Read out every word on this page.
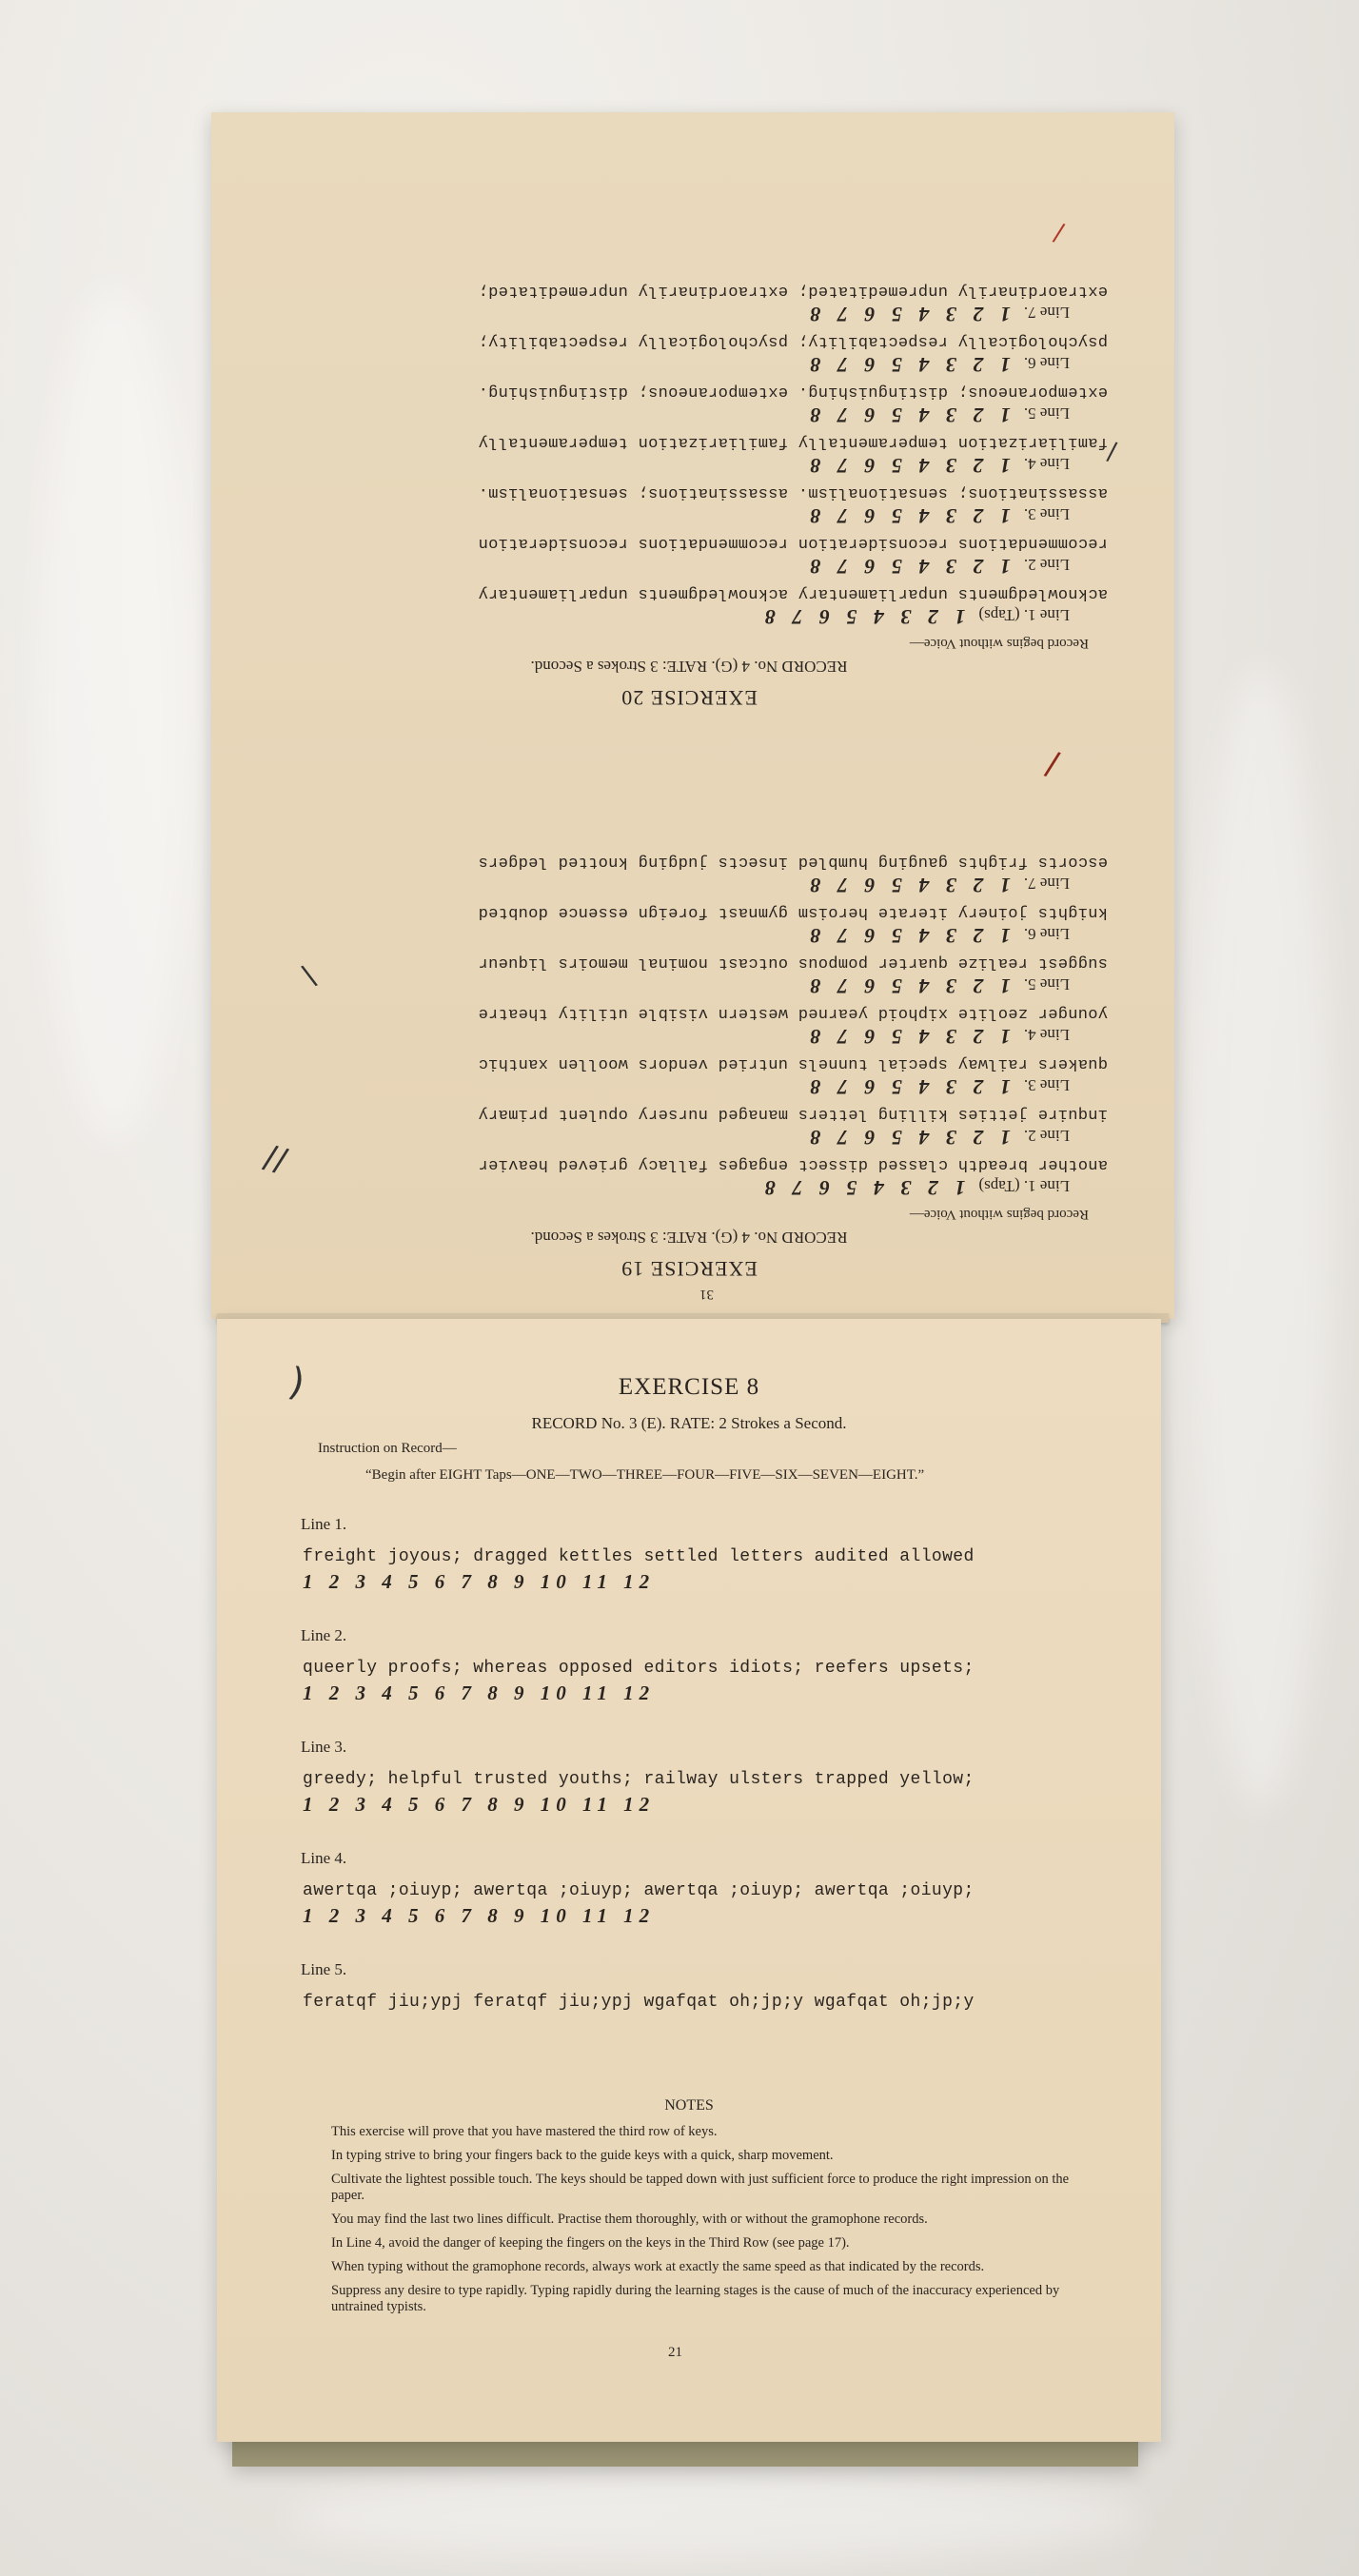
31
EXERCISE 19
RECORD No. 4 (G). RATE: 3 Strokes a Second.
Record begins without Voice—
Line 1. (Taps)
1 2 3 4 5 6 7 8
another breadth classed dissect engages fallacy grieved heavier
Line 2.
1 2 3 4 5 6 7 8
inquire jetties killing letters managed nursery opulent primary
Line 3.
1 2 3 4 5 6 7 8
quakers railway special tunnels untried vendors woollen xanthic
Line 4.
1 2 3 4 5 6 7 8
younger zeolite xiphoid yearned western visible utility theatre
Line 5.
1 2 3 4 5 6 7 8
suggest realize quarter pompous outcast nominal memoirs liqueur
Line 6.
1 2 3 4 5 6 7 8
knights joinery iterate heroism gymnast foreign essence doubted
Line 7.
1 2 3 4 5 6 7 8
escorts frights gauging humbled insects judging knotted ledgers
EXERCISE 20
RECORD No. 4 (G). RATE: 3 Strokes a Second.
Record begins without Voice—
Line 1. (Taps)
1 2 3 4 5 6 7 8
acknowledgments unparliamentary acknowledgments unparliamentary
Line 2.
1 2 3 4 5 6 7 8
recommendations reconsideration recommendations reconsideration
Line 3.
1 2 3 4 5 6 7 8
assassinations; sensationalism. assassinations; sensationalism.
Line 4.
1 2 3 4 5 6 7 8
familiarization temperamentally familiarization temperamentally
Line 5.
1 2 3 4 5 6 7 8
extemporaneous; distinguishing. extemporaneous; distinguishing.
Line 6.
1 2 3 4 5 6 7 8
psychologically respectability; psychologically respectability;
Line 7.
1 2 3 4 5 6 7 8
extraordinarily unpremeditated; extraordinarily unpremeditated;
//
\
/
/
/
)	EXERCISE 8
RECORD No. 3 (E). RATE: 2 Strokes a Second.
Instruction on Record—
“Begin after EIGHT Taps—ONE—TWO—THREE—FOUR—FIVE—SIX—SEVEN—EIGHT.”
Line 1.
freight joyous; dragged kettles settled letters audited allowed
1 2 3 4 5 6 7 8 9 10 11 12
Line 2.
queerly proofs; whereas opposed editors idiots; reefers upsets;
1 2 3 4 5 6 7 8 9 10 11 12
Line 3.
greedy; helpful trusted youths; railway ulsters trapped yellow;
1 2 3 4 5 6 7 8 9 10 11 12
Line 4.
awertqa ;oiuyp; awertqa ;oiuyp; awertqa ;oiuyp; awertqa ;oiuyp;
1 2 3 4 5 6 7 8 9 10 11 12
Line 5.
feratqf jiu;ypj feratqf jiu;ypj wgafqat oh;jp;y wgafqat oh;jp;y
NOTES

This exercise will prove that you have mastered the third row of keys.

In typing strive to bring your fingers back to the guide keys with a quick, sharp movement.

Cultivate the lightest possible touch. The keys should be tapped down with just sufficient force to produce the right impression on the paper.

You may find the last two lines difficult. Practise them thoroughly, with or without the gramophone records.

In Line 4, avoid the danger of keeping the fingers on the keys in the Third Row (see page 17).

When typing without the gramophone records, always work at exactly the same speed as that indicated by the records.

Suppress any desire to type rapidly. Typing rapidly during the learning stages is the cause of much of the inaccuracy experienced by untrained typists.

21
